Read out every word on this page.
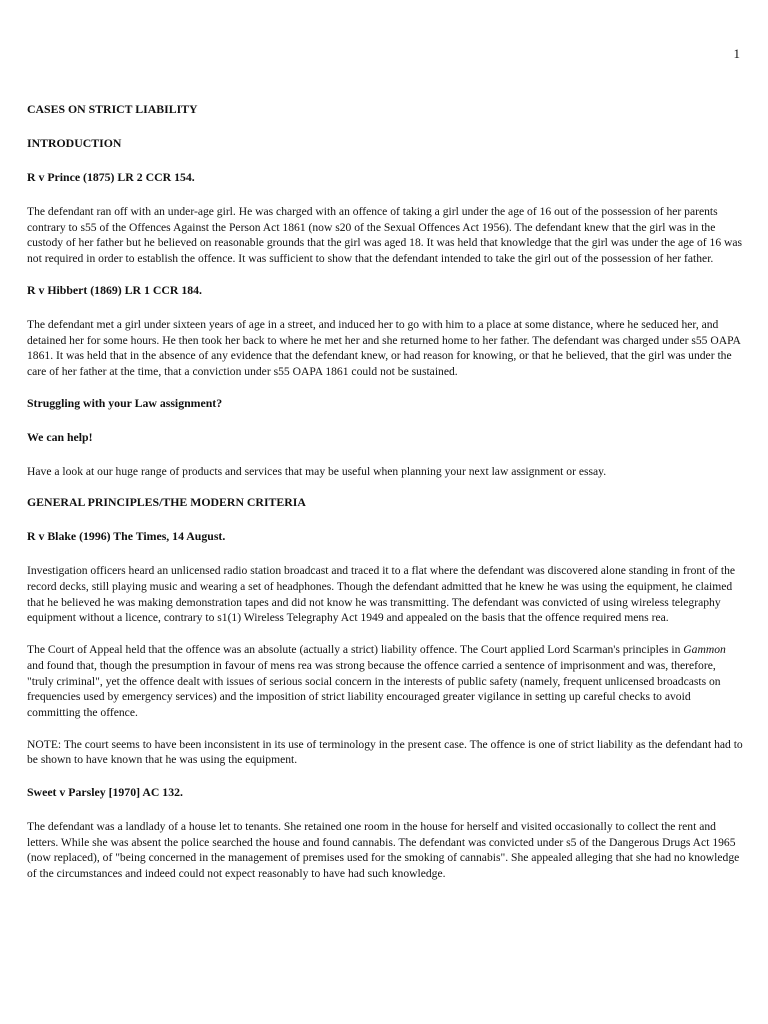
1
CASES ON STRICT LIABILITY
INTRODUCTION
R v Prince (1875) LR 2 CCR 154.

The defendant ran off with an under-age girl. He was charged with an offence of taking a girl under the age of 16 out of the possession of her parents contrary to s55 of the Offences Against the Person Act 1861 (now s20 of the Sexual Offences Act 1956). The defendant knew that the girl was in the custody of her father but he believed on reasonable grounds that the girl was aged 18. It was held that knowledge that the girl was under the age of 16 was not required in order to establish the offence. It was sufficient to show that the defendant intended to take the girl out of the possession of her father.

R v Hibbert (1869) LR 1 CCR 184.

The defendant met a girl under sixteen years of age in a street, and induced her to go with him to a place at some distance, where he seduced her, and detained her for some hours. He then took her back to where he met her and she returned home to her father. The defendant was charged under s55 OAPA 1861. It was held that in the absence of any evidence that the defendant knew, or had reason for knowing, or that he believed, that the girl was under the care of her father at the time, that a conviction under s55 OAPA 1861 could not be sustained.

Struggling with your Law assignment?
We can help!

Have a look at our huge range of products and services that may be useful when planning your next law assignment or essay.

GENERAL PRINCIPLES/THE MODERN CRITERIA
R v Blake (1996) The Times, 14 August.

Investigation officers heard an unlicensed radio station broadcast and traced it to a flat where the defendant was discovered alone standing in front of the record decks, still playing music and wearing a set of headphones. Though the defendant admitted that he knew he was using the equipment, he claimed that he believed he was making demonstration tapes and did not know he was transmitting. The defendant was convicted of using wireless telegraphy equipment without a licence, contrary to s1(1) Wireless Telegraphy Act 1949 and appealed on the basis that the offence required mens rea.

The Court of Appeal held that the offence was an absolute (actually a strict) liability offence. The Court applied Lord Scarman's principles in Gammon and found that, though the presumption in favour of mens rea was strong because the offence carried a sentence of imprisonment and was, therefore, "truly criminal", yet the offence dealt with issues of serious social concern in the interests of public safety (namely, frequent unlicensed broadcasts on frequencies used by emergency services) and the imposition of strict liability encouraged greater vigilance in setting up careful checks to avoid committing the offence.

NOTE: The court seems to have been inconsistent in its use of terminology in the present case. The offence is one of strict liability as the defendant had to be shown to have known that he was using the equipment.

Sweet v Parsley [1970] AC 132.

The defendant was a landlady of a house let to tenants. She retained one room in the house for herself and visited occasionally to collect the rent and letters. While she was absent the police searched the house and found cannabis. The defendant was convicted under s5 of the Dangerous Drugs Act 1965 (now replaced), of "being concerned in the management of premises used for the smoking of cannabis". She appealed alleging that she had no knowledge of the circumstances and indeed could not expect reasonably to have had such knowledge.
